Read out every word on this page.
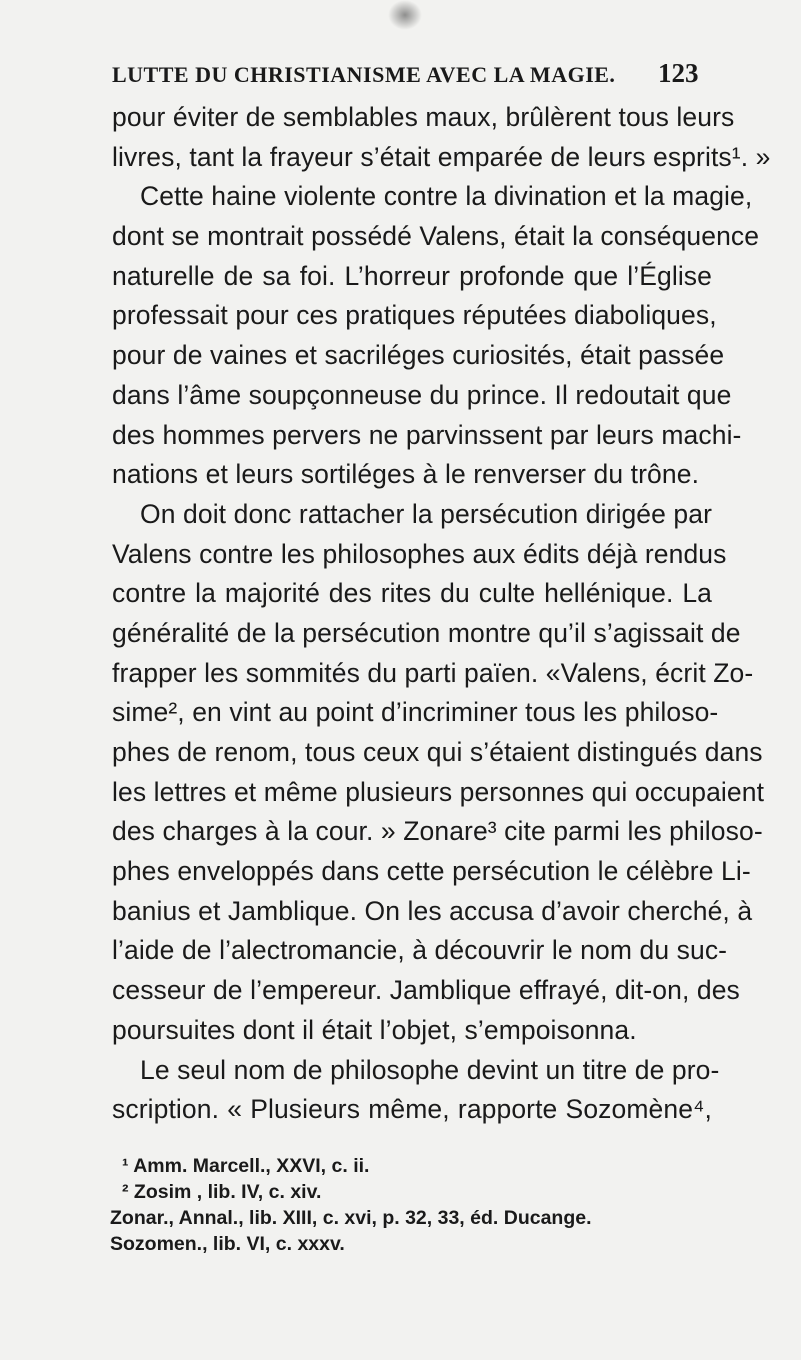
LUTTE DU CHRISTIANISME AVEC LA MAGIE. 123
pour éviter de semblables maux, brûlèrent tous leurs
livres, tant la frayeur s’était emparée de leurs esprits¹. »
Cette haine violente contre la divination et la magie,
dont se montrait possédé Valens, était la conséquence
naturelle de sa foi. L’horreur profonde que l’Église
professait pour ces pratiques réputées diaboliques,
pour de vaines et sacriléges curiosités, était passée
dans l’âme soupçonneuse du prince. Il redoutait que
des hommes pervers ne parvinssent par leurs machi-
nations et leurs sortiléges à le renverser du trône.
On doit donc rattacher la persécution dirigée par
Valens contre les philosophes aux édits déjà rendus
contre la majorité des rites du culte hellénique. La
généralité de la persécution montre qu’il s’agissait de
frapper les sommités du parti païen. «Valens, écrit Zo-
sime², en vint au point d’incriminer tous les philoso-
phes de renom, tous ceux qui s’étaient distingués dans
les lettres et même plusieurs personnes qui occupaient
des charges à la cour. » Zonare³ cite parmi les philoso-
phes enveloppés dans cette persécution le célèbre Li-
banius et Jamblique. On les accusa d’avoir cherché, à
l’aide de l’alectromancie, à découvrir le nom du suc-
cesseur de l’empereur. Jamblique effrayé, dit-on, des
poursuites dont il était l’objet, s’empoisonna.
Le seul nom de philosophe devint un titre de pro-
scription. « Plusieurs même, rapporte Sozomène⁴,
¹ Amm. Marcell., XXVI, c. ii.
² Zosim , lib. IV, c. xiv.
Zonar., Annal., lib. XIII, c. xvi, p. 32, 33, éd. Ducange.
Sozomen., lib. VI, c. xxxv.
